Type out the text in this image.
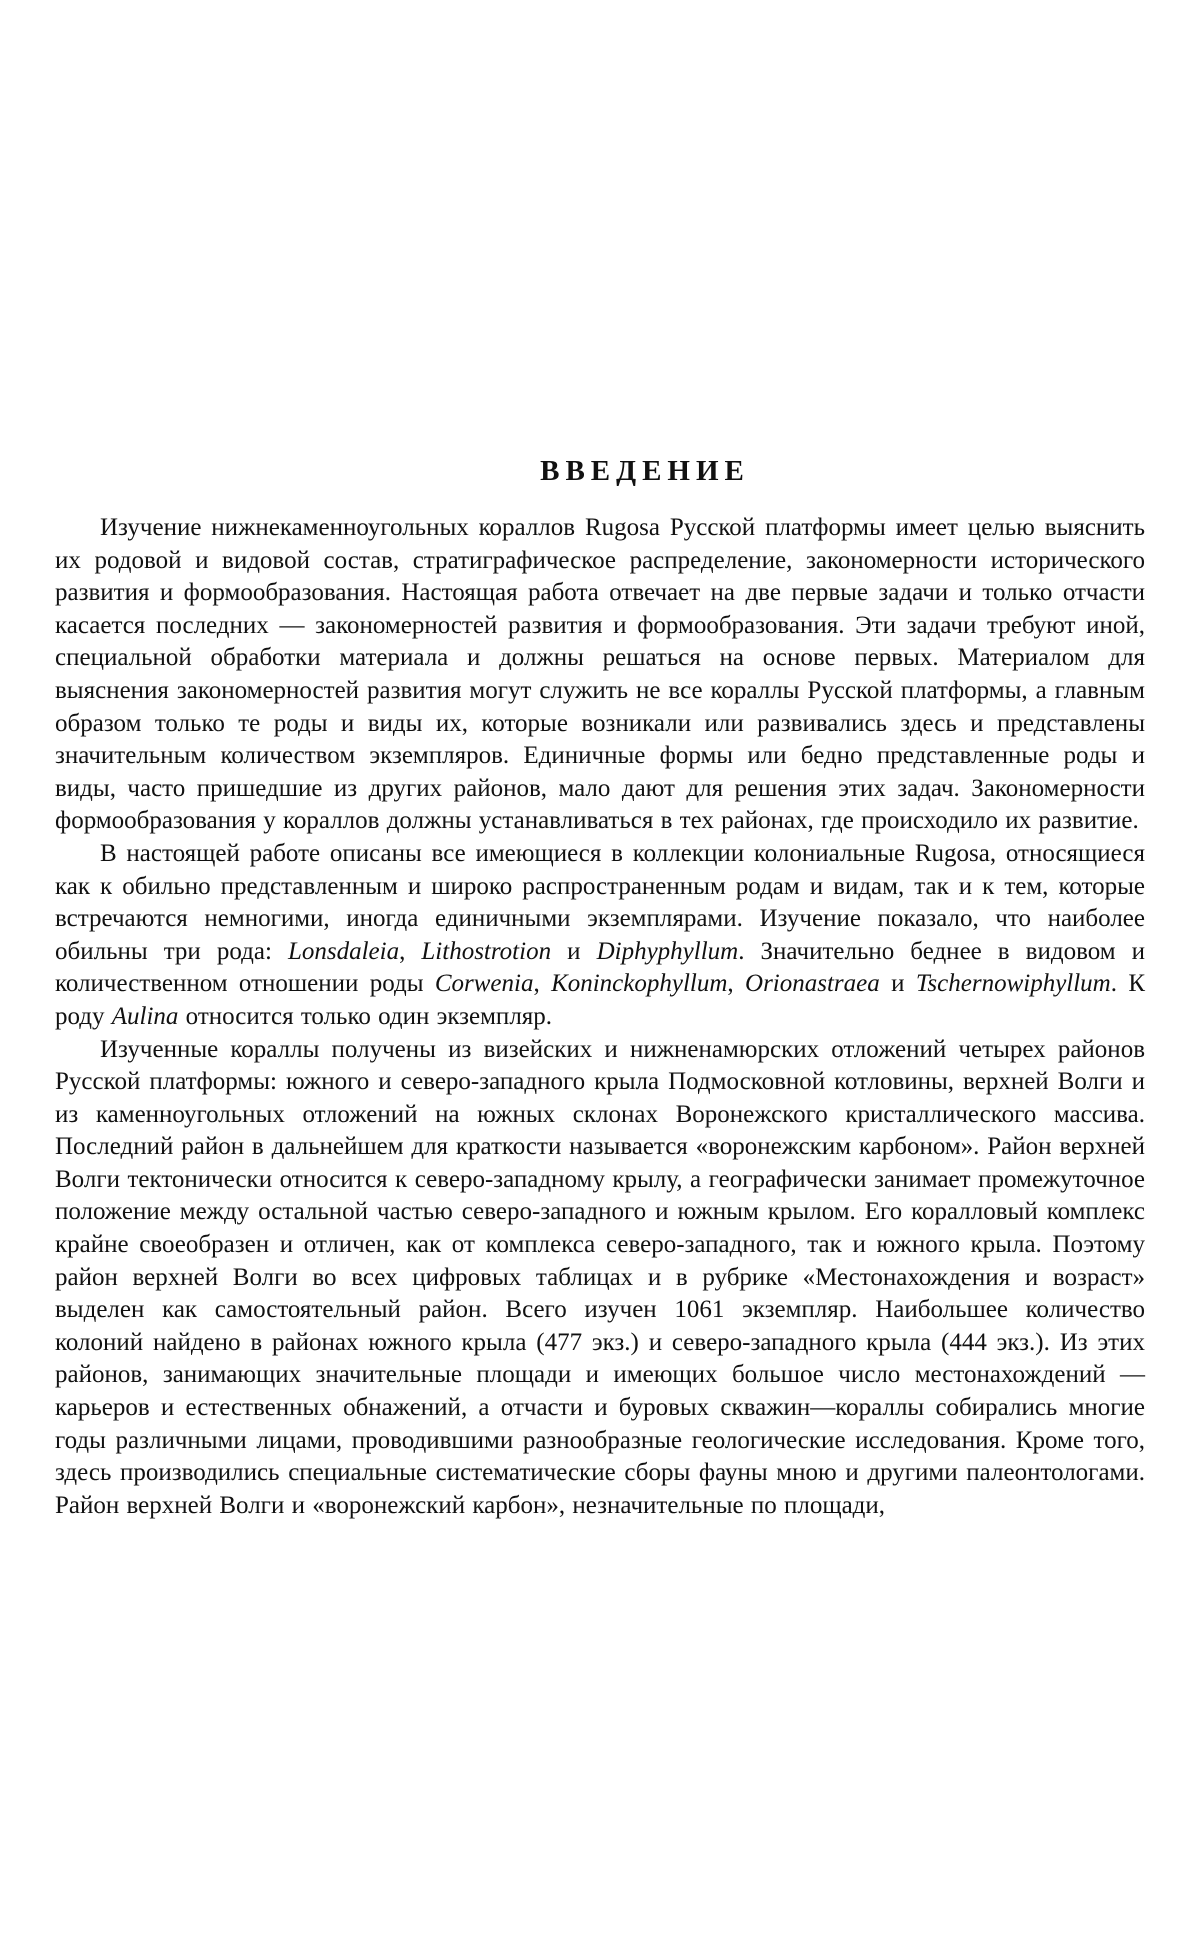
ВВЕДЕНИЕ

Изучение нижнекаменноугольных кораллов Rugosa Русской платформы имеет целью выяснить их родовой и видовой состав, стратиграфическое распределение, закономерности исторического развития и формообразования. Настоящая работа отвечает на две первые задачи и только отчасти касается последних — закономерностей развития и формообразования. Эти задачи требуют иной, специальной обработки материала и должны решаться на основе первых. Материалом для выяснения закономерностей развития могут служить не все кораллы Русской платформы, а главным образом только те роды и виды их, которые возникали или развивались здесь и представлены значительным количеством экземпляров. Единичные формы или бедно представленные роды и виды, часто пришедшие из других районов, мало дают для решения этих задач. Закономерности формообразования у кораллов должны устанавливаться в тех районах, где происходило их развитие.

В настоящей работе описаны все имеющиеся в коллекции колониальные Rugosa, относящиеся как к обильно представленным и широко распространенным родам и видам, так и к тем, которые встречаются немногими, иногда единичными экземплярами. Изучение показало, что наиболее обильны три рода: Lonsdaleia, Lithostrotion и Diphyphyllum. Значительно беднее в видовом и количественном отношении роды Corwenia, Koninckophyllum, Orionastraea и Tschernowiphyllum. К роду Aulina относится только один экземпляр.

Изученные кораллы получены из визейских и нижненамюрских отложений четырех районов Русской платформы: южного и северо-западного крыла Подмосковной котловины, верхней Волги и из каменноугольных отложений на южных склонах Воронежского кристаллического массива. Последний район в дальнейшем для краткости называется «воронежским карбоном». Район верхней Волги тектонически относится к северо-западному крылу, а географически занимает промежуточное положение между остальной частью северо-западного и южным крылом. Его коралловый комплекс крайне своеобразен и отличен, как от комплекса северо-западного, так и южного крыла. Поэтому район верхней Волги во всех цифровых таблицах и в рубрике «Местонахождения и возраст» выделен как самостоятельный район. Всего изучен 1061 экземпляр. Наибольшее количество колоний найдено в районах южного крыла (477 экз.) и северо-западного крыла (444 экз.). Из этих районов, занимающих значительные площади и имеющих большое число местонахождений — карьеров и естественных обнажений, а отчасти и буровых скважин—кораллы собирались многие годы различными лицами, проводившими разнообразные геологические исследования. Кроме того, здесь производились специальные систематические сборы фауны мною и другими палеонтологами. Район верхней Волги и «воронежский карбон», незначительные по площади,
